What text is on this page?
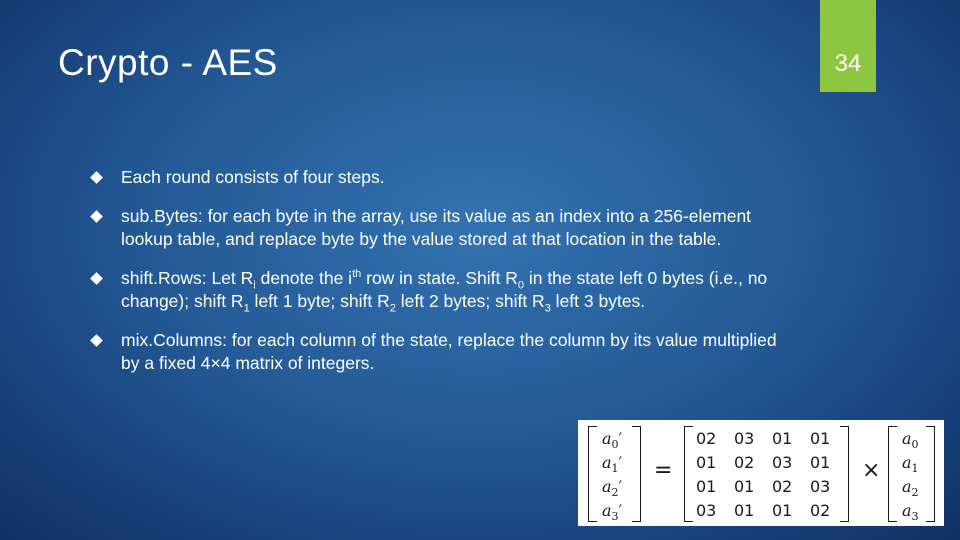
Crypto - AES	34
Each round consists of four steps.
sub.Bytes: for each byte in the array, use its value as an index into a 256-element lookup table, and replace byte by the value stored at that location in the table.
shift.Rows: Let $R_i$ denote the $i^{th}$ row in state. Shift $R_0$ in the state left 0 bytes (i.e., no change); shift $R_1$ left 1 byte; shift $R_2$ left 2 bytes; shift $R_3$ left 3 bytes.
mix.Columns: for each column of the state, replace the column by its value multiplied by a fixed 4×4 matrix of integers.
$a_0'$
$a_1'$
$a_2'$
$a_3'$
=
02 03 01 01
01 02 03 01
01 01 02 03
03 01 01 02
×
$a_0$
$a_1$
$a_2$
$a_3$
